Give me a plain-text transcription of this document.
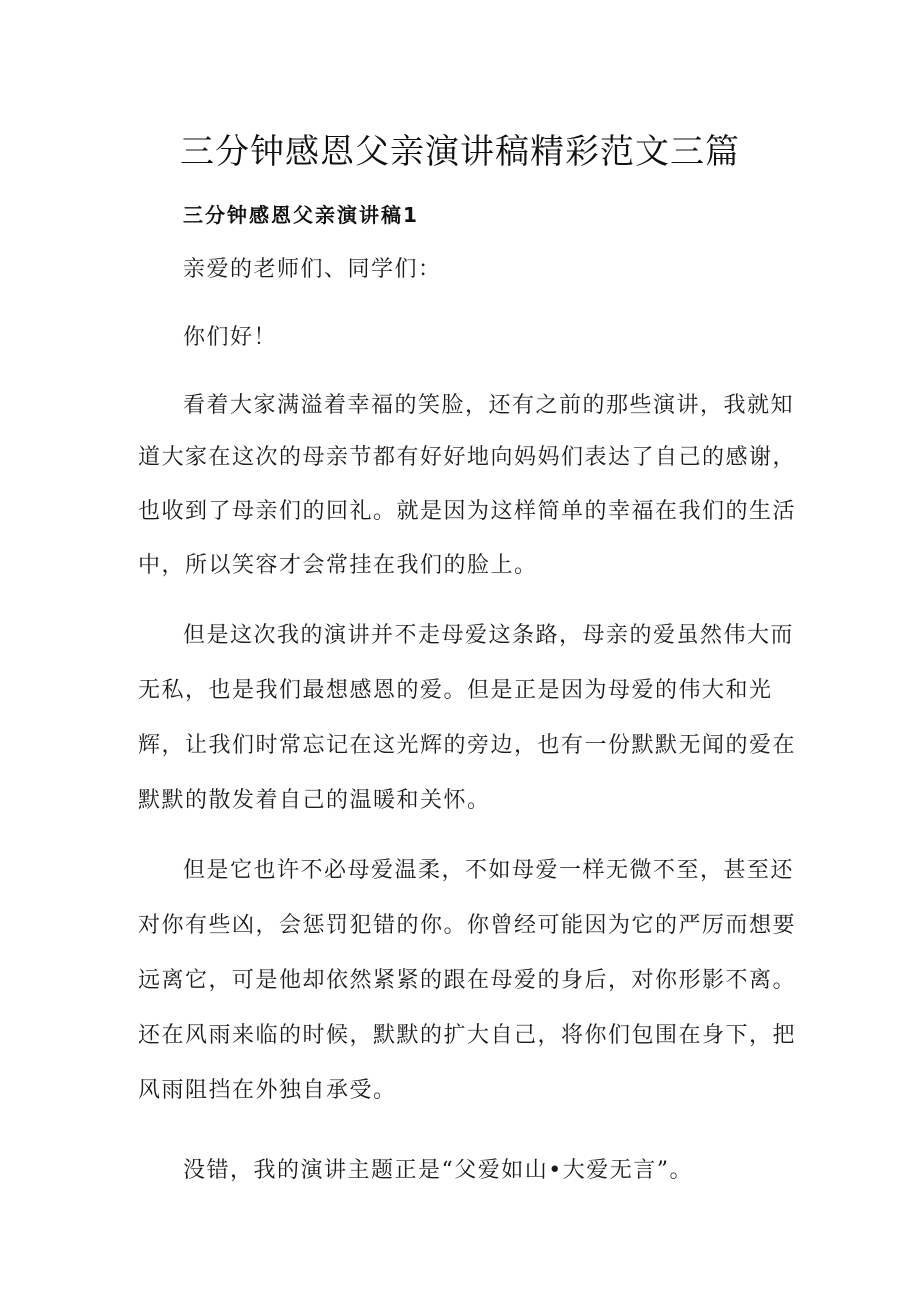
三分钟感恩父亲演讲稿精彩范文三篇
三分钟感恩父亲演讲稿1

亲爱的老师们、同学们：

你们好！

看着大家满溢着幸福的笑脸，还有之前的那些演讲，我就知

道大家在这次的母亲节都有好好地向妈妈们表达了自己的感谢，

也收到了母亲们的回礼。就是因为这样简单的幸福在我们的生活

中，所以笑容才会常挂在我们的脸上。

但是这次我的演讲并不走母爱这条路，母亲的爱虽然伟大而

无私，也是我们最想感恩的爱。但是正是因为母爱的伟大和光

辉，让我们时常忘记在这光辉的旁边，也有一份默默无闻的爱在

默默的散发着自己的温暖和关怀。

但是它也许不必母爱温柔，不如母爱一样无微不至，甚至还

对你有些凶，会惩罚犯错的你。你曾经可能因为它的严厉而想要

远离它，可是他却依然紧紧的跟在母爱的身后，对你形影不离。

还在风雨来临的时候，默默的扩大自己，将你们包围在身下，把

风雨阻挡在外独自承受。

没错，我的演讲主题正是“父爱如山•大爱无言”。
